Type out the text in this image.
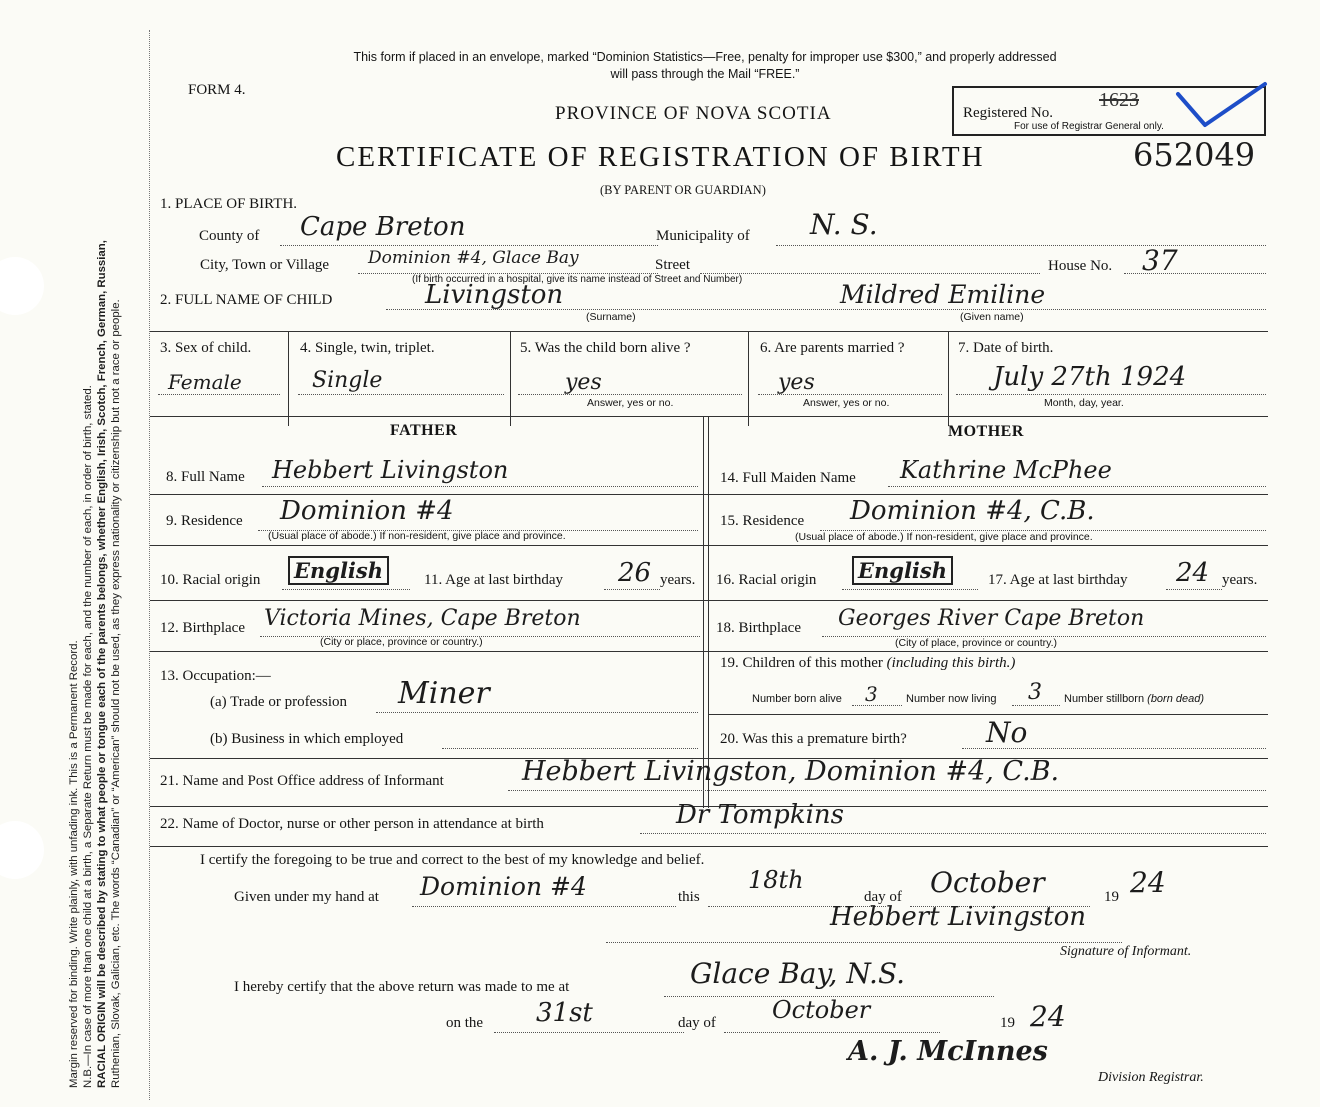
Margin reserved for binding. Write plainly, with unfading ink. This is a Permanent Record. N.B.—In case of more than one child at a birth, a Separate Return must be made for each, and the number of each, in order of birth, stated. RACIAL ORIGIN will be described by stating to what people or tongue each of the parents belongs, whether English, Irish, Scotch, French, German, Russian, Ruthenian, Slovak, Galician, etc. The words “Canadian” or “American” should not be used, as they express nationality or citizenship but not a race or people.
This form if placed in an envelope, marked “Dominion Statistics—Free, penalty for improper use $300,” and properly addressed
will pass through the Mail “FREE.”
FORM 4.
PROVINCE OF NOVA SCOTIA
CERTIFICATE OF REGISTRATION OF BIRTH
(BY PARENT OR GUARDIAN)
Registered No.
1623
For use of Registrar General only.
652049
1. PLACE OF BIRTH.
County of Cape Breton	Municipality of N. S.
City, Town or Village Dominion #4, Glace Bay	Street
(If birth occurred in a hospital, give its name instead of Street and Number)
House No. 37
2. FULL NAME OF CHILD	Livingston
(Surname)
Mildred Emiline
(Given name)
3. Sex of child.
Female
4. Single, twin, triplet.
Single
5. Was the child born alive ?
yes
Answer, yes or no.
6. Are parents married ?
yes
Answer, yes or no.
7. Date of birth.
July 27th 1924
Month, day, year.
FATHER	MOTHER
8. Full Name Hebbert Livingston	14. Full Maiden Name Kathrine McPhee
9. Residence Dominion #4
(Usual place of abode.) If non-resident, give place and province.
15. Residence Dominion #4, C.B.
(Usual place of abode.) If non-resident, give place and province.
10. Racial origin English	11. Age at last birthday 26 years. 16. Racial origin English	17. Age at last birthday 24 years.
12. Birthplace Victoria Mines, Cape Breton
(City or place, province or country.)
18. Birthplace Georges River Cape Breton
(City of place, province or country.)
13. Occupation:—
(a) Trade or profession Miner
(b) Business in which employed
19. Children of this mother (including this birth.)
Number born alive 3	Number now living 3 Number stillborn (born dead)
20. Was this a premature birth?	No
21. Name and Post Office address of Informant	Hebbert Livingston, Dominion #4, C.B.
22. Name of Doctor, nurse or other person in attendance at birth	Dr Tompkins
I certify the foregoing to be true and correct to the best of my knowledge and belief.
Given under my hand at Dominion #4	this
18th
day of October	19 24
Hebbert Livingston
Signature of Informant.
I hereby certify that the above return was made to me at	Glace Bay, N.S.
on the 31st	day of October	19 24
A. J. McInnes
Division Registrar.
